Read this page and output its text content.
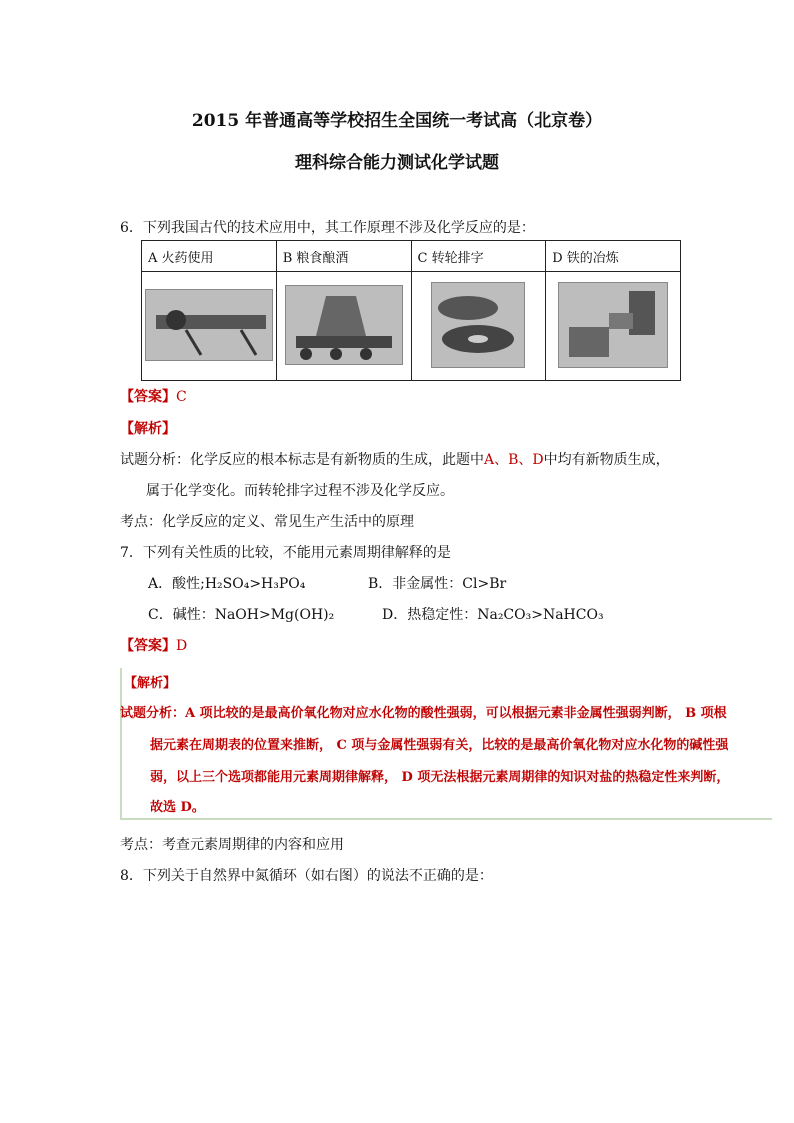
2015 年普通高等学校招生全国统一考试高（北京卷）
理科综合能力测试化学试题
6．下列我国古代的技术应用中，其工作原理不涉及化学反应的是：
A 火药使用	B 粮食酿酒	C 转轮排字	D 铁的冶炼

【答案】C
【解析】
试题分析：化学反应的根本标志是有新物质的生成，此题中A、B、D中均有新物质生成，
属于化学变化。而转轮排字过程不涉及化学反应。
考点：化学反应的定义、常见生产生活中的原理
7．下列有关性质的比较，不能用元素周期律解释的是
A．酸性;H₂SO₄>H₃PO₄	B．非金属性：Cl>Br
C．碱性：NaOH>Mg(OH)₂	D．热稳定性：Na₂CO₃>NaHCO₃
【答案】D
【解析】
试题分析：A 项比较的是最高价氧化物对应水化物的酸性强弱，可以根据元素非金属性强弱判断， B 项根
据元素在周期表的位置来推断， C 项与金属性强弱有关，比较的是最高价氧化物对应水化物的碱性强
弱，以上三个选项都能用元素周期律解释， D 项无法根据元素周期律的知识对盐的热稳定性来判断，
故选 D。
考点：考查元素周期律的内容和应用
8．下列关于自然界中氮循环（如右图）的说法不正确的是：
